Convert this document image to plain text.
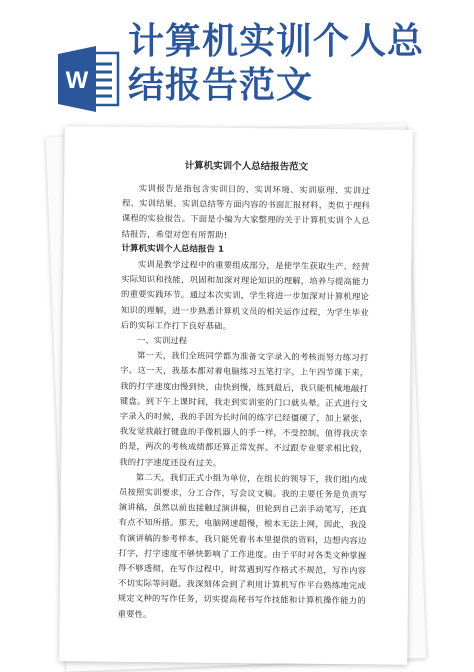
W
计算机实训个人总
结报告范文
计算机实训个人总结报告范文

实训报告是指包含实训目的、实训环境、实训原理、实训过程、实训结果、实训总结等方面内容的书面汇报材料，类似于理科课程的实验报告。下面是小编为大家整理的关于计算机实训个人总结报告，希望对您有所帮助!

计算机实训个人总结报告 1

实训是教学过程中的重要组成部分，是使学生获取生产、经营实际知识和技能，巩固和加深对理论知识的理解，培养与提高能力的重要实践环节。通过本次实训，学生将进一步加深对计算机理论知识的理解，进一步熟悉计算机文员的相关运作过程，为学生毕业后的实际工作打下良好基础。

一、实训过程

第一天，我们全班同学都为准备文字录入的考核而努力练习打字。这一天，我基本都对着电脑练习五笔打字。上午四节课下来，我的打字速度由慢到快，由快到慢，练到最后，我只能机械地敲打键盘。到下午上课时间，我走到实训室的门口就头晕。正式进行文字录入的时候，我的手因为长时间的练字已经僵硬了，加上紧张，我发觉我敲打键盘的手像机器人的手一样，不受控制。值得我庆幸的是，两次的考核成绩都还算正常发挥。不过跟专业要求相比较，我的打字速度还没有过关。

第二天，我们正式小组为单位，在组长的领导下，我们组内成员按照实训要求，分工合作，写会议文稿。我的主要任务是负责写演讲稿，虽然以前也接触过演讲稿，但轮到自己亲手动笔写，还真有点不知所措。那天，电脑网速超慢，根本无法上网，因此，我没有演讲稿的参考样本，我只能凭着书本里提供的资料，边想内容边打字，打字速度不够快影响了工作进度。由于平时对各类文种掌握得不够透彻，在写作过程中，时常遇到写作格式不规范，写作内容不切实际等问题。我深刻体会到了利用计算机写作平台熟练地完成规定文种的写作任务，切实提高秘书写作技能和计算机操作能力的重要性。
